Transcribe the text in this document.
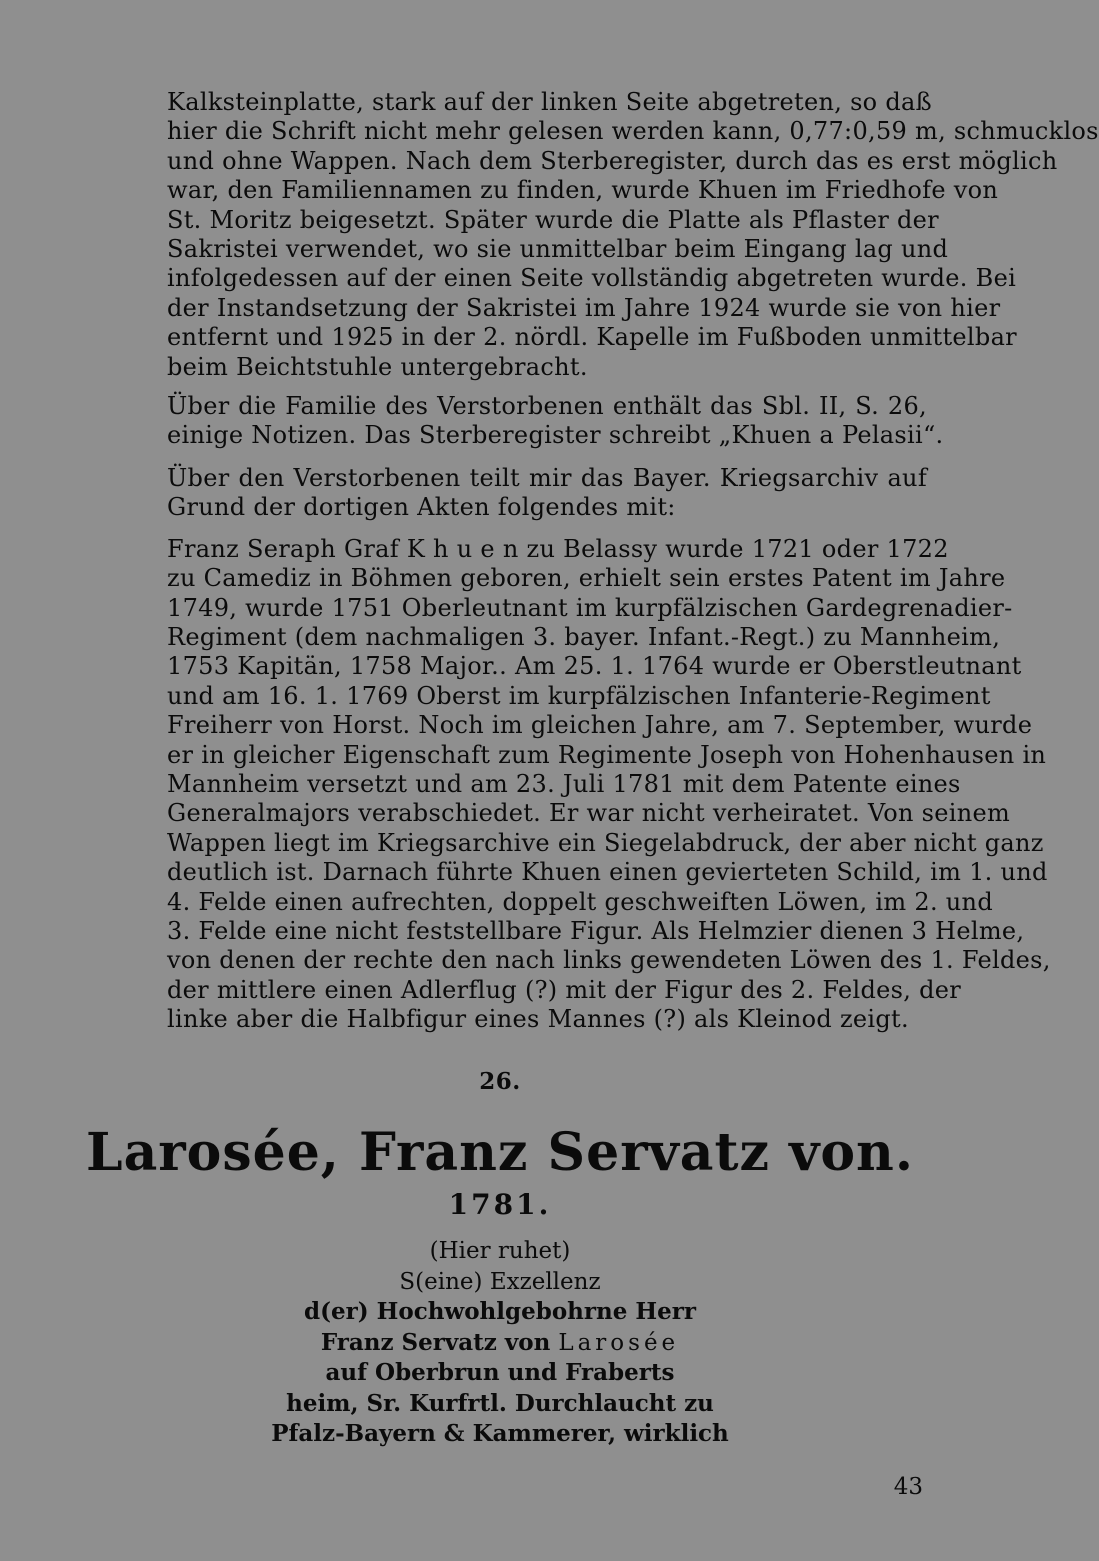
Kalksteinplatte, stark auf der linken Seite abgetreten, so daß
hier die Schrift nicht mehr gelesen werden kann, 0,77:0,59 m, schmucklos
und ohne Wappen. Nach dem Sterberegister, durch das es erst möglich
war, den Familiennamen zu finden, wurde Khuen im Friedhofe von
St. Moritz beigesetzt. Später wurde die Platte als Pflaster der
Sakristei verwendet, wo sie unmittelbar beim Eingang lag und
infolgedessen auf der einen Seite vollständig abgetreten wurde. Bei
der Instandsetzung der Sakristei im Jahre 1924 wurde sie von hier
entfernt und 1925 in der 2. nördl. Kapelle im Fußboden unmittelbar
beim Beichtstuhle untergebracht.

Über die Familie des Verstorbenen enthält das Sbl. II, S. 26,
einige Notizen. Das Sterberegister schreibt „Khuen a Pelasii“.

Über den Verstorbenen teilt mir das Bayer. Kriegsarchiv auf
Grund der dortigen Akten folgendes mit:

Franz Seraph Graf K h u e n zu Belassy wurde 1721 oder 1722
zu Camediz in Böhmen geboren, erhielt sein erstes Patent im Jahre
1749, wurde 1751 Oberleutnant im kurpfälzischen Gardegrenadier-
Regiment (dem nachmaligen 3. bayer. Infant.-Regt.) zu Mannheim,
1753 Kapitän, 1758 Major.. Am 25. 1. 1764 wurde er Oberstleutnant
und am 16. 1. 1769 Oberst im kurpfälzischen Infanterie-Regiment
Freiherr von Horst. Noch im gleichen Jahre, am 7. September, wurde
er in gleicher Eigenschaft zum Regimente Joseph von Hohenhausen in
Mannheim versetzt und am 23. Juli 1781 mit dem Patente eines
Generalmajors verabschiedet. Er war nicht verheiratet. Von seinem
Wappen liegt im Kriegsarchive ein Siegelabdruck, der aber nicht ganz
deutlich ist. Darnach führte Khuen einen gevierteten Schild, im 1. und
4. Felde einen aufrechten, doppelt geschweiften Löwen, im 2. und
3. Felde eine nicht feststellbare Figur. Als Helmzier dienen 3 Helme,
von denen der rechte den nach links gewendeten Löwen des 1. Feldes,
der mittlere einen Adlerflug (?) mit der Figur des 2. Feldes, der
linke aber die Halbfigur eines Mannes (?) als Kleinod zeigt.

26.
Larosée, Franz Servatz von.
1781.
(Hier ruhet)
S(eine) Exzellenz
d(er) Hochwohlgebohrne Herr
Franz Servatz von Larosée
auf Oberbrun und Fraberts
heim, Sr. Kurfrtl. Durchlaucht zu
Pfalz-Bayern & Kammerer, wirklich
43
